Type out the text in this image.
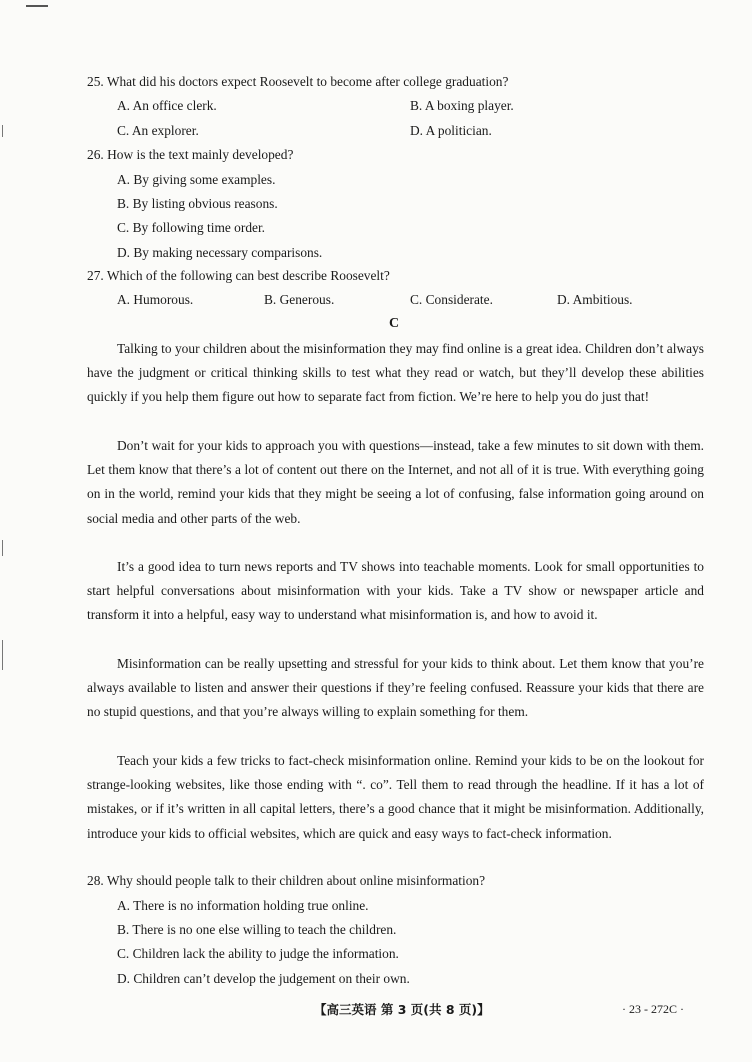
25. What did his doctors expect Roosevelt to become after college graduation?
A. An office clerk.	B. A boxing player.
C. An explorer.	D. A politician.
26. How is the text mainly developed?
A. By giving some examples.
B. By listing obvious reasons.
C. By following time order.
D. By making necessary comparisons.
27. Which of the following can best describe Roosevelt?
A. Humorous.	B. Generous.	C. Considerate.	D. Ambitious.
C
Talking to your children about the misinformation they may find online is a great idea. Children don’t always have the judgment or critical thinking skills to test what they read or watch, but they’ll develop these abilities quickly if you help them figure out how to separate fact from fiction. We’re here to help you do just that!
Don’t wait for your kids to approach you with questions—instead, take a few minutes to sit down with them. Let them know that there’s a lot of content out there on the Internet, and not all of it is true. With everything going on in the world, remind your kids that they might be seeing a lot of confusing, false information going around on social media and other parts of the web.
It’s a good idea to turn news reports and TV shows into teachable moments. Look for small opportunities to start helpful conversations about misinformation with your kids. Take a TV show or newspaper article and transform it into a helpful, easy way to understand what misinformation is, and how to avoid it.
Misinformation can be really upsetting and stressful for your kids to think about. Let them know that you’re always available to listen and answer their questions if they’re feeling confused. Reassure your kids that there are no stupid questions, and that you’re always willing to explain something for them.
Teach your kids a few tricks to fact-check misinformation online. Remind your kids to be on the lookout for strange-looking websites, like those ending with “. co”. Tell them to read through the headline. If it has a lot of mistakes, or if it’s written in all capital letters, there’s a good chance that it might be misinformation. Additionally, introduce your kids to official websites, which are quick and easy ways to fact-check information.
28. Why should people talk to their children about online misinformation?
A. There is no information holding true online.
B. There is no one else willing to teach the children.
C. Children lack the ability to judge the information.
D. Children can’t develop the judgement on their own.
【高三英语 第 3 页(共 8 页)】	· 23 - 272C ·
